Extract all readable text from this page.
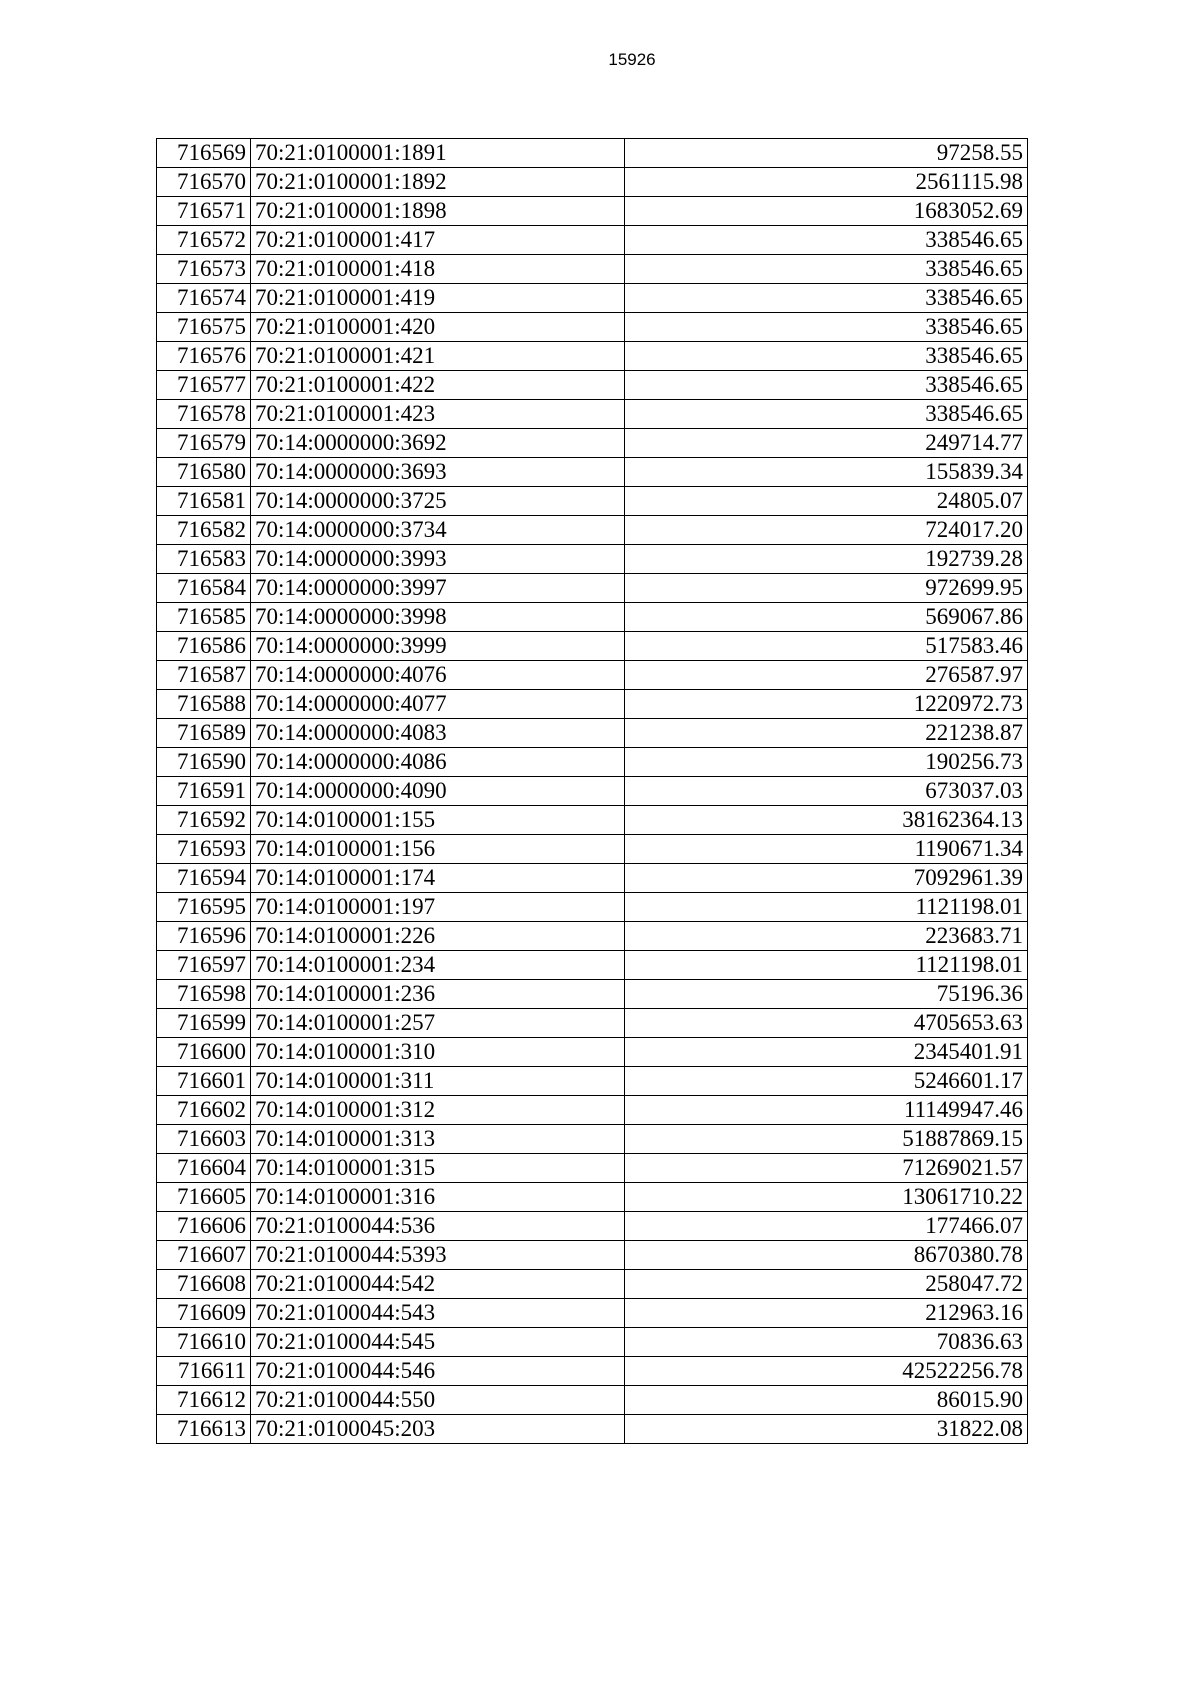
15926
716569	70:21:0100001:1891	97258.55
716570	70:21:0100001:1892	2561115.98
716571	70:21:0100001:1898	1683052.69
716572	70:21:0100001:417	338546.65
716573	70:21:0100001:418	338546.65
716574	70:21:0100001:419	338546.65
716575	70:21:0100001:420	338546.65
716576	70:21:0100001:421	338546.65
716577	70:21:0100001:422	338546.65
716578	70:21:0100001:423	338546.65
716579	70:14:0000000:3692	249714.77
716580	70:14:0000000:3693	155839.34
716581	70:14:0000000:3725	24805.07
716582	70:14:0000000:3734	724017.20
716583	70:14:0000000:3993	192739.28
716584	70:14:0000000:3997	972699.95
716585	70:14:0000000:3998	569067.86
716586	70:14:0000000:3999	517583.46
716587	70:14:0000000:4076	276587.97
716588	70:14:0000000:4077	1220972.73
716589	70:14:0000000:4083	221238.87
716590	70:14:0000000:4086	190256.73
716591	70:14:0000000:4090	673037.03
716592	70:14:0100001:155	38162364.13
716593	70:14:0100001:156	1190671.34
716594	70:14:0100001:174	7092961.39
716595	70:14:0100001:197	1121198.01
716596	70:14:0100001:226	223683.71
716597	70:14:0100001:234	1121198.01
716598	70:14:0100001:236	75196.36
716599	70:14:0100001:257	4705653.63
716600	70:14:0100001:310	2345401.91
716601	70:14:0100001:311	5246601.17
716602	70:14:0100001:312	11149947.46
716603	70:14:0100001:313	51887869.15
716604	70:14:0100001:315	71269021.57
716605	70:14:0100001:316	13061710.22
716606	70:21:0100044:536	177466.07
716607	70:21:0100044:5393	8670380.78
716608	70:21:0100044:542	258047.72
716609	70:21:0100044:543	212963.16
716610	70:21:0100044:545	70836.63
716611	70:21:0100044:546	42522256.78
716612	70:21:0100044:550	86015.90
716613	70:21:0100045:203	31822.08
